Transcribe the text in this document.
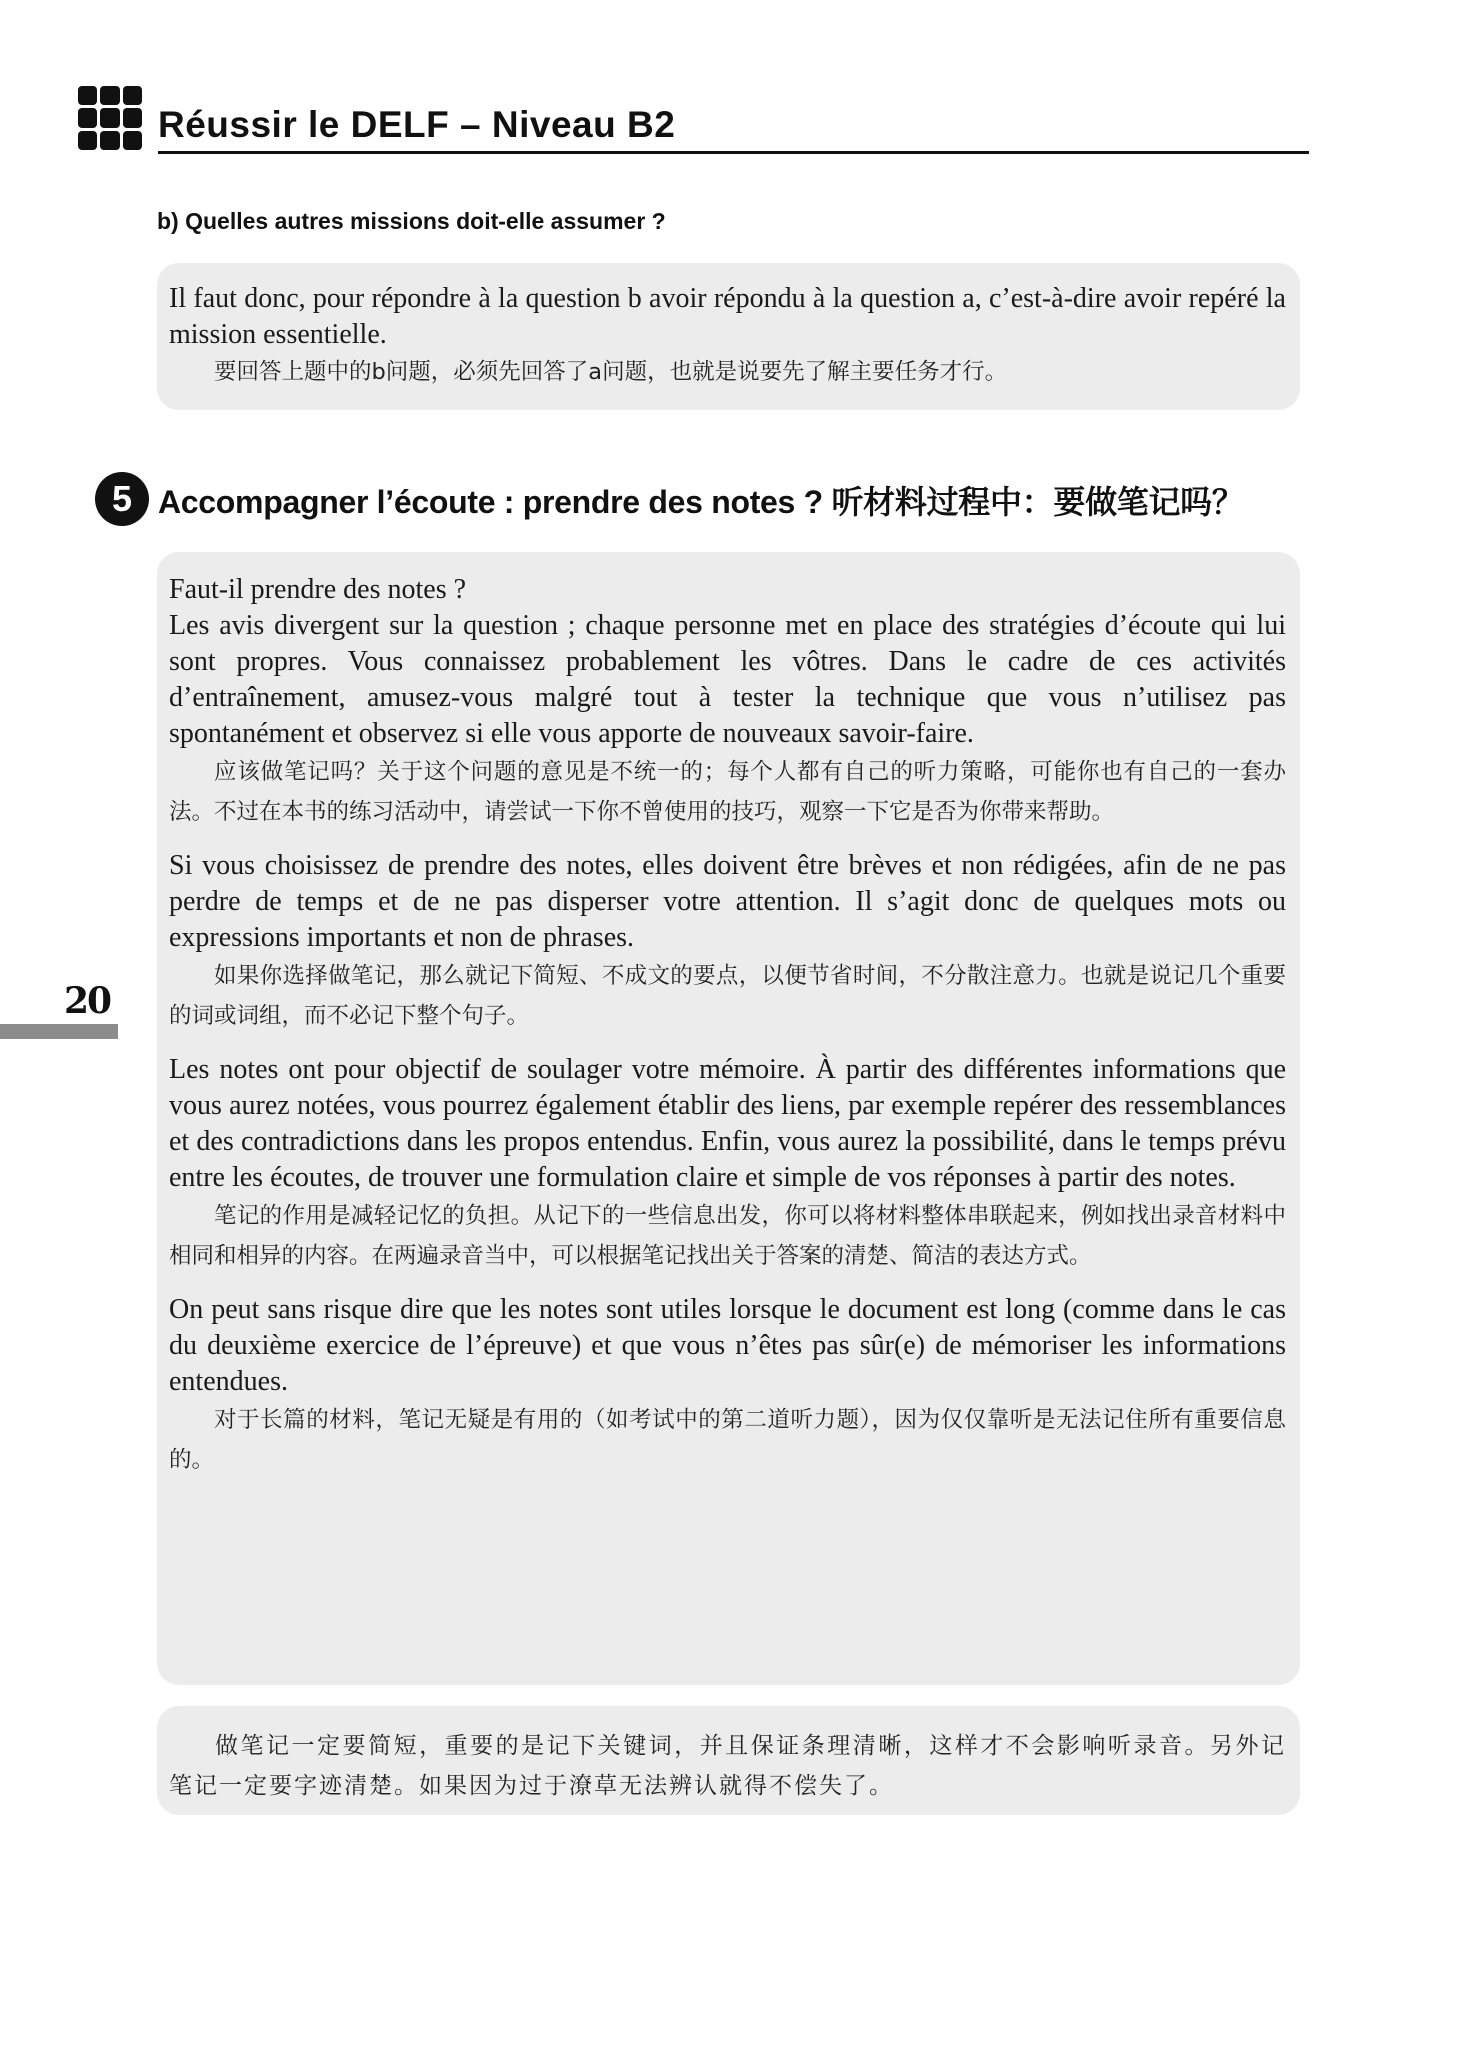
Réussir le DELF – Niveau B2
b) Quelles autres missions doit-elle assumer ?

Il faut donc, pour répondre à la question b avoir répondu à la question a, c’est-à-dire avoir repéré la mission essentielle.

要回答上题中的b问题，必须先回答了a问题，也就是说要先了解主要任务才行。

5 Accompagner l’écoute : prendre des notes ? 听材料过程中：要做笔记吗？

Faut-il prendre des notes ?

Les avis divergent sur la question ; chaque personne met en place des stratégies d’écoute qui lui sont propres. Vous connaissez probablement les vôtres. Dans le cadre de ces activités d’entraînement, amusez-vous malgré tout à tester la technique que vous n’utilisez pas spontanément et observez si elle vous apporte de nouveaux savoir-faire.

应该做笔记吗？关于这个问题的意见是不统一的；每个人都有自己的听力策略，可能你也有自己的一套办法。不过在本书的练习活动中，请尝试一下你不曾使用的技巧，观察一下它是否为你带来帮助。

Si vous choisissez de prendre des notes, elles doivent être brèves et non rédigées, afin de ne pas perdre de temps et de ne pas disperser votre attention. Il s’agit donc de quelques mots ou expressions importants et non de phrases.

如果你选择做笔记，那么就记下简短、不成文的要点，以便节省时间，不分散注意力。也就是说记几个重要的词或词组，而不必记下整个句子。

Les notes ont pour objectif de soulager votre mémoire. À partir des différentes informations que vous aurez notées, vous pourrez également établir des liens, par exemple repérer des ressemblances et des contradictions dans les propos entendus. Enfin, vous aurez la possibilité, dans le temps prévu entre les écoutes, de trouver une formulation claire et simple de vos réponses à partir des notes.

笔记的作用是减轻记忆的负担。从记下的一些信息出发，你可以将材料整体串联起来，例如找出录音材料中相同和相异的内容。在两遍录音当中，可以根据笔记找出关于答案的清楚、简洁的表达方式。

On peut sans risque dire que les notes sont utiles lorsque le document est long (comme dans le cas du deuxième exercice de l’épreuve) et que vous n’êtes pas sûr(e) de mémoriser les informations entendues.

对于长篇的材料，笔记无疑是有用的（如考试中的第二道听力题），因为仅仅靠听是无法记住所有重要信息的。

做笔记一定要简短，重要的是记下关键词，并且保证条理清晰，这样才不会影响听录音。另外记笔记一定要字迹清楚。如果因为过于潦草无法辨认就得不偿失了。

20
